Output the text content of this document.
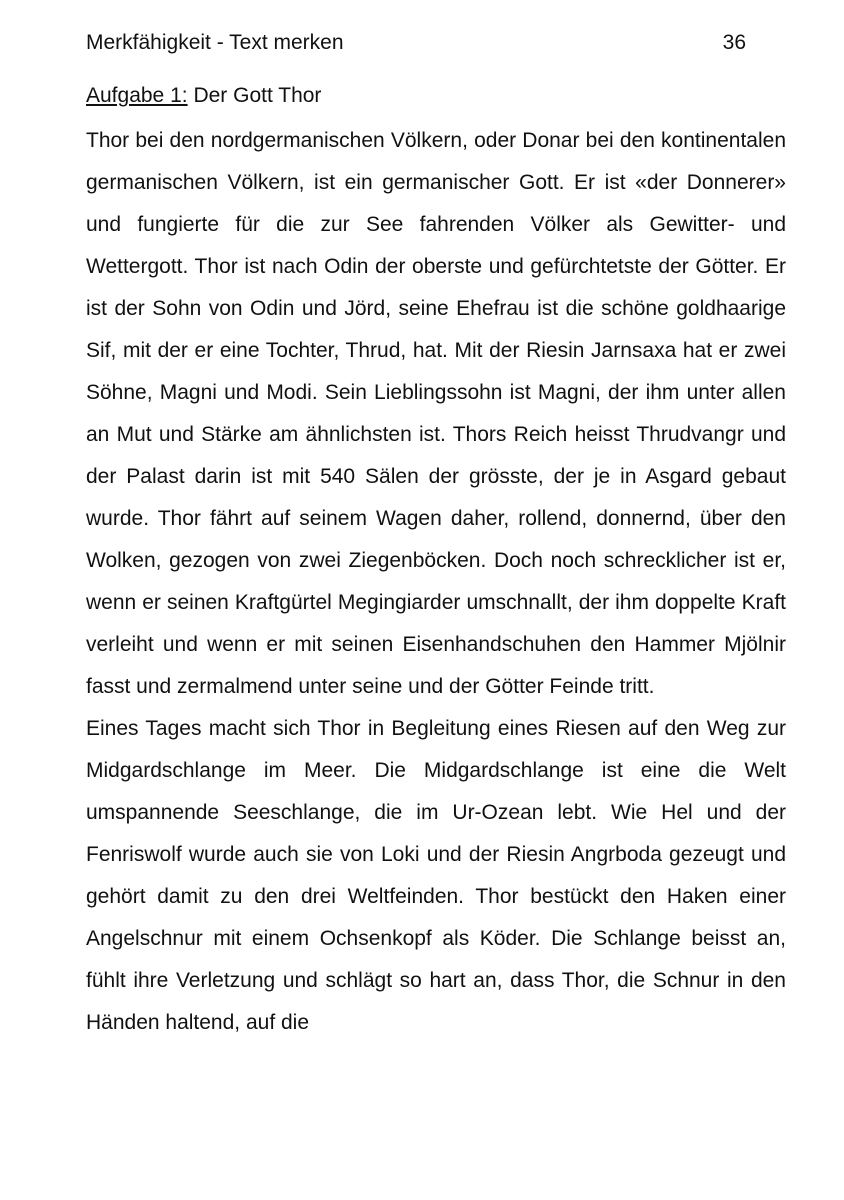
Merkfähigkeit - Text merken	36
Aufgabe 1: Der Gott Thor

Thor bei den nordgermanischen Völkern, oder Donar bei den kontinentalen germanischen Völkern, ist ein germanischer Gott. Er ist «der Donnerer» und fungierte für die zur See fahrenden Völker als Gewitter- und Wettergott. Thor ist nach Odin der oberste und gefürchtetste der Götter. Er ist der Sohn von Odin und Jörd, seine Ehefrau ist die schöne goldhaarige Sif, mit der er eine Tochter, Thrud, hat. Mit der Riesin Jarnsaxa hat er zwei Söhne, Magni und Modi. Sein Lieblingssohn ist Magni, der ihm unter allen an Mut und Stärke am ähnlichsten ist. Thors Reich heisst Thrudvangr und der Palast darin ist mit 540 Sälen der grösste, der je in Asgard gebaut wurde. Thor fährt auf seinem Wagen daher, rollend, donnernd, über den Wolken, gezogen von zwei Ziegenböcken. Doch noch schrecklicher ist er, wenn er seinen Kraftgürtel Megingiarder umschnallt, der ihm doppelte Kraft verleiht und wenn er mit seinen Eisenhandschuhen den Hammer Mjölnir fasst und zermalmend unter seine und der Götter Feinde tritt.

Eines Tages macht sich Thor in Begleitung eines Riesen auf den Weg zur Midgardschlange im Meer. Die Midgardschlange ist eine die Welt umspannende Seeschlange, die im Ur-Ozean lebt. Wie Hel und der Fenriswolf wurde auch sie von Loki und der Riesin Angrboda gezeugt und gehört damit zu den drei Weltfeinden. Thor bestückt den Haken einer Angelschnur mit einem Ochsenkopf als Köder. Die Schlange beisst an, fühlt ihre Verletzung und schlägt so hart an, dass Thor, die Schnur in den Händen haltend, auf die
